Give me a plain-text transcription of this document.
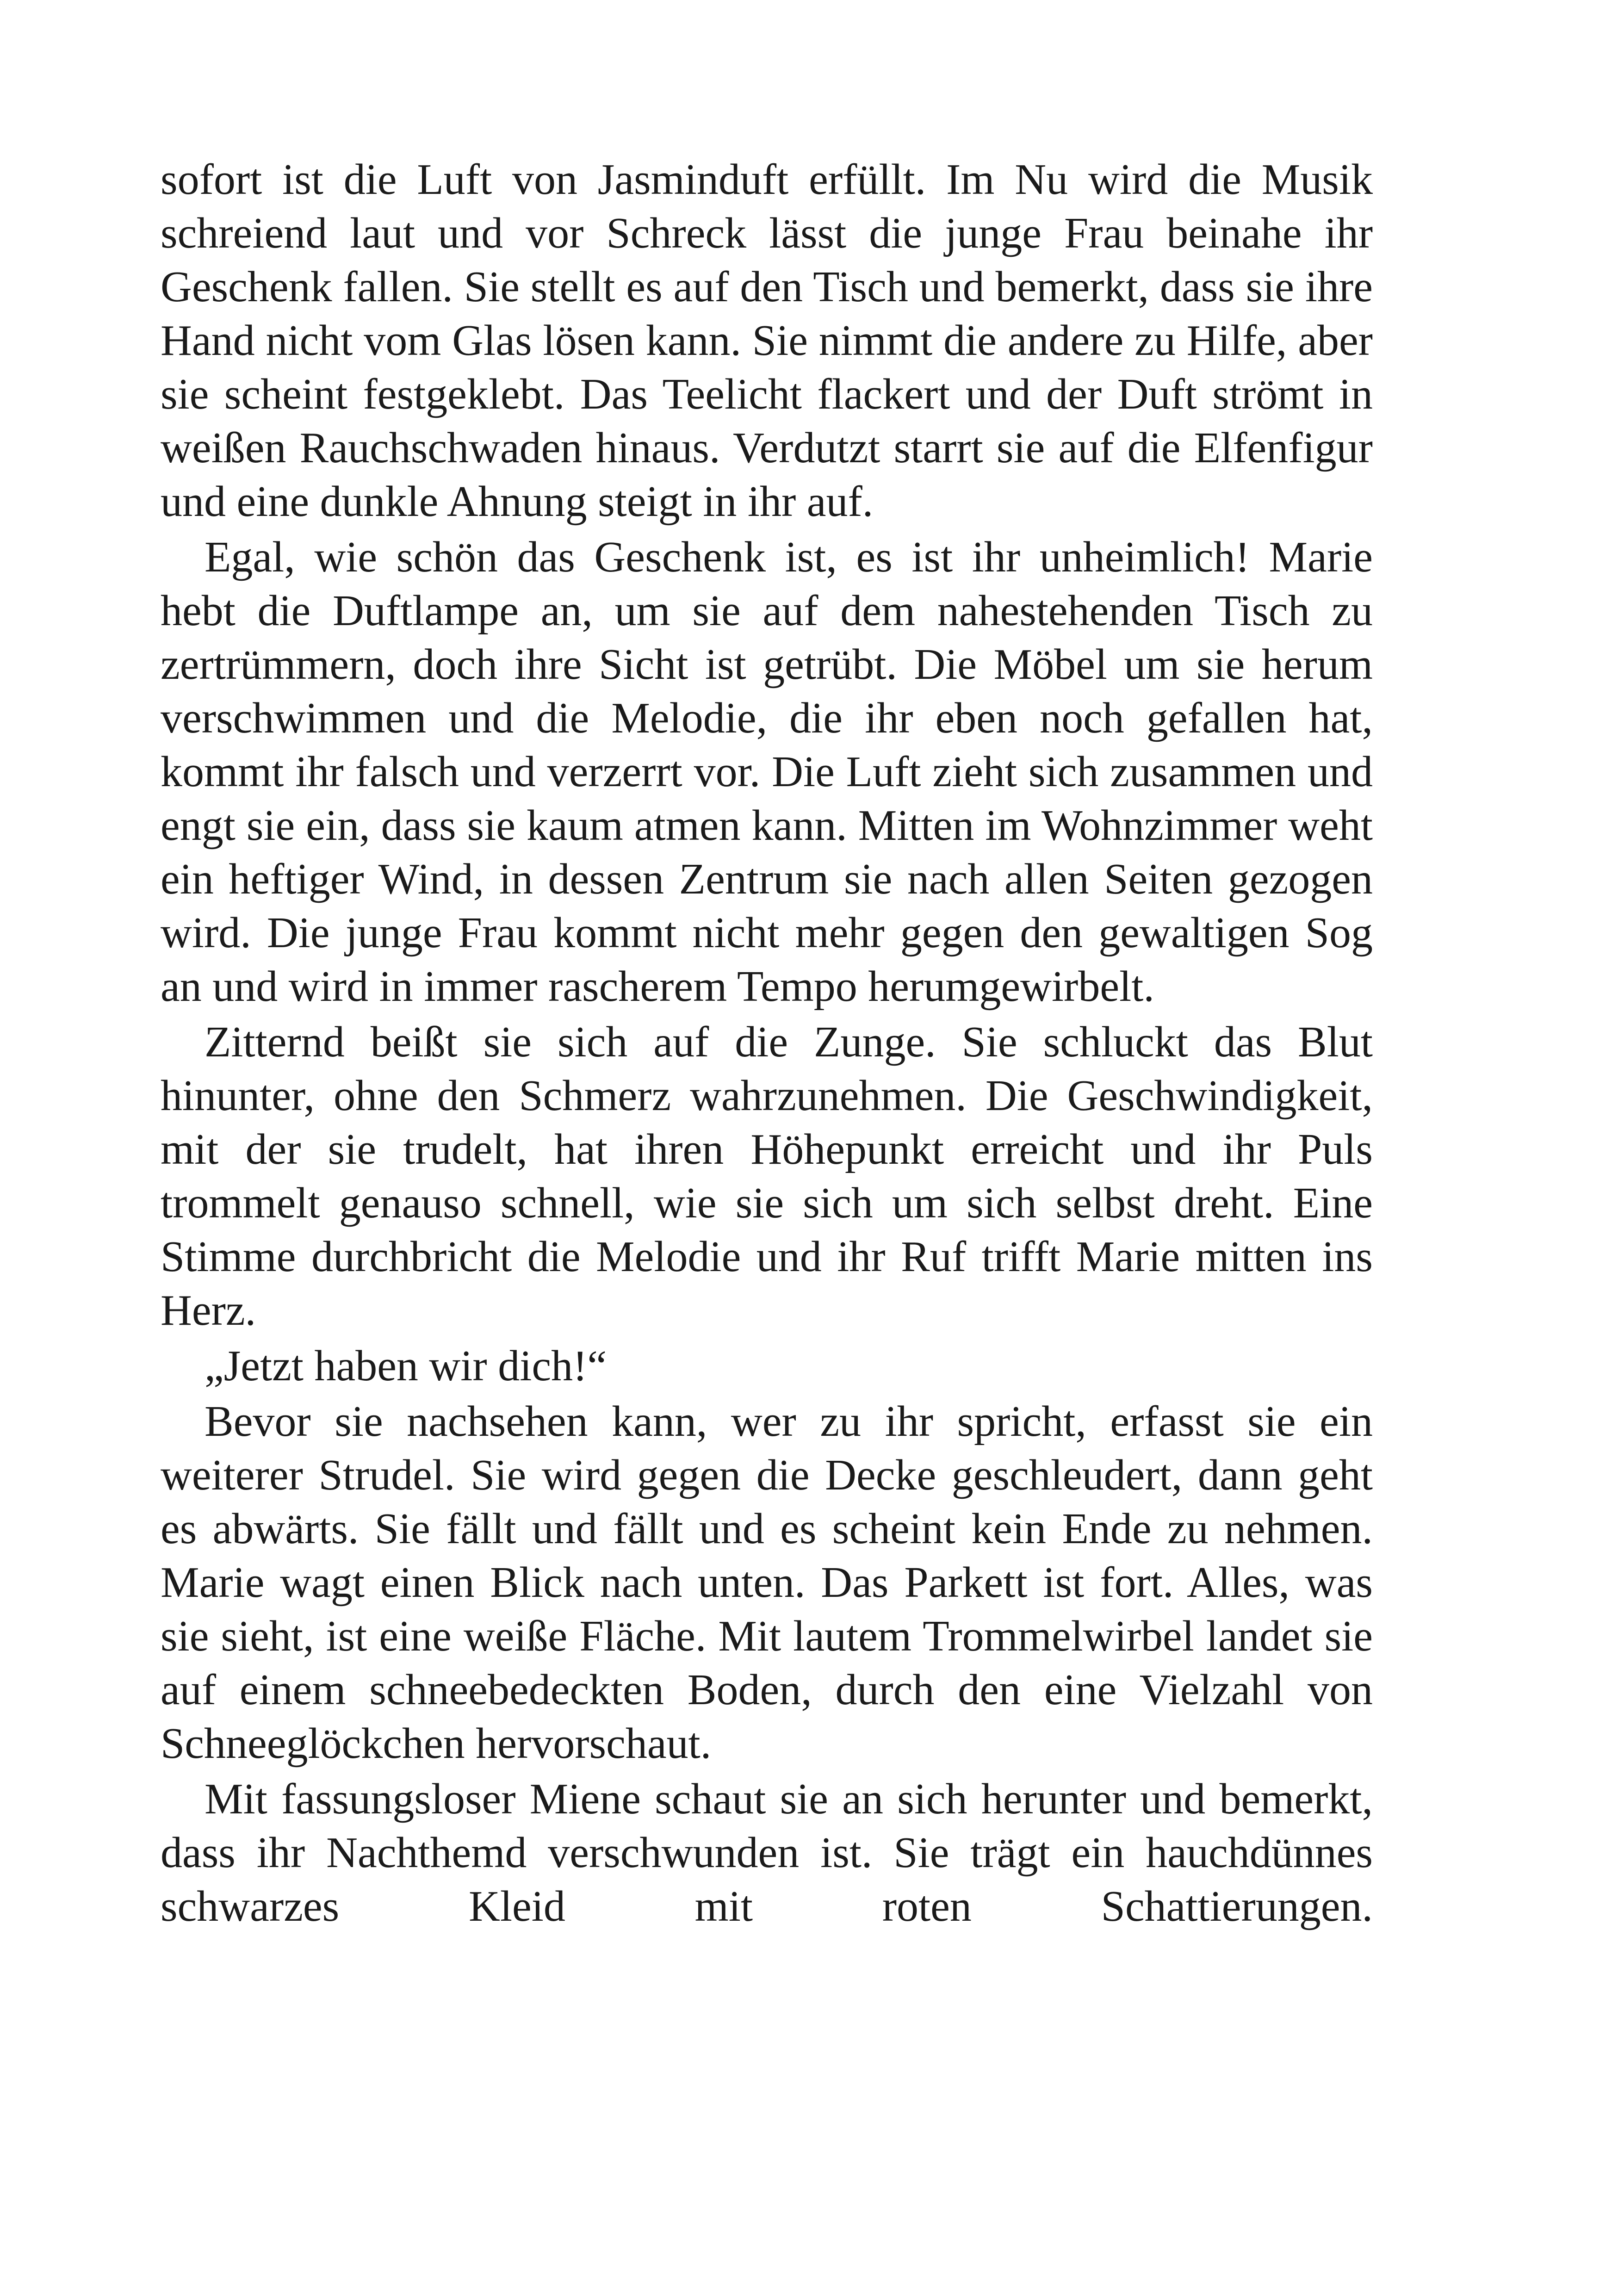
sofort ist die Luft von Jasminduft erfüllt. Im Nu wird die Musik schreiend laut und vor Schreck lässt die junge Frau beinahe ihr Geschenk fallen. Sie stellt es auf den Tisch und bemerkt, dass sie ihre Hand nicht vom Glas lösen kann. Sie nimmt die andere zu Hilfe, aber sie scheint festgeklebt. Das Teelicht flackert und der Duft strömt in weißen Rauchschwaden hinaus. Verdutzt starrt sie auf die Elfenfigur und eine dunkle Ahnung steigt in ihr auf.

Egal, wie schön das Geschenk ist, es ist ihr unheimlich! Marie hebt die Duftlampe an, um sie auf dem nahestehenden Tisch zu zertrümmern, doch ihre Sicht ist getrübt. Die Möbel um sie herum verschwimmen und die Melodie, die ihr eben noch gefallen hat, kommt ihr falsch und verzerrt vor. Die Luft zieht sich zusammen und engt sie ein, dass sie kaum atmen kann. Mitten im Wohnzimmer weht ein heftiger Wind, in dessen Zentrum sie nach allen Seiten gezogen wird. Die junge Frau kommt nicht mehr gegen den gewaltigen Sog an und wird in immer rascherem Tempo herumgewirbelt.

Zitternd beißt sie sich auf die Zunge. Sie schluckt das Blut hinunter, ohne den Schmerz wahrzunehmen. Die Geschwindigkeit, mit der sie trudelt, hat ihren Höhepunkt erreicht und ihr Puls trommelt genauso schnell, wie sie sich um sich selbst dreht. Eine Stimme durchbricht die Melodie und ihr Ruf trifft Marie mitten ins Herz.

„Jetzt haben wir dich!“

Bevor sie nachsehen kann, wer zu ihr spricht, erfasst sie ein weiterer Strudel. Sie wird gegen die Decke geschleudert, dann geht es abwärts. Sie fällt und fällt und es scheint kein Ende zu nehmen. Marie wagt einen Blick nach unten. Das Parkett ist fort. Alles, was sie sieht, ist eine weiße Fläche. Mit lautem Trommelwirbel landet sie auf einem schneebedeckten Boden, durch den eine Vielzahl von Schneeglöckchen hervorschaut.

Mit fassungsloser Miene schaut sie an sich herunter und bemerkt, dass ihr Nachthemd verschwunden ist. Sie trägt ein hauchdünnes schwarzes Kleid mit roten Schattierungen.
